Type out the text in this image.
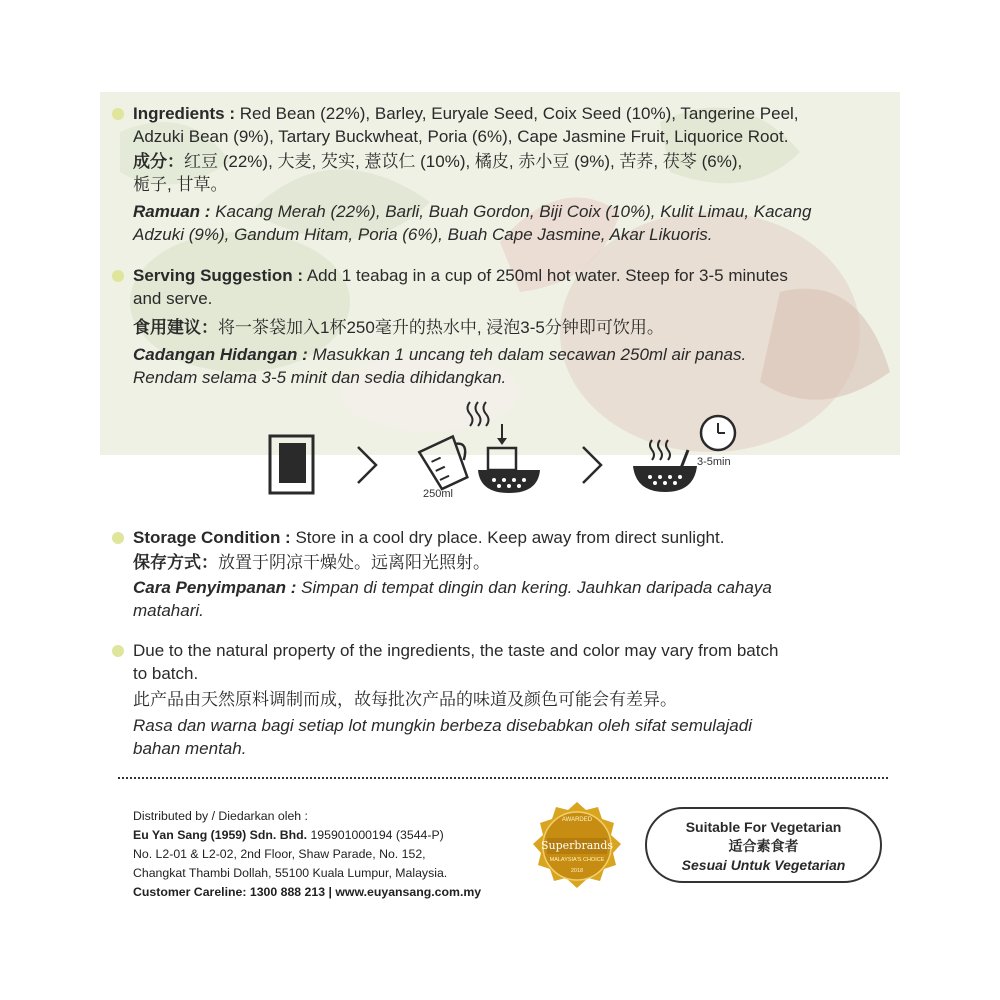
Ingredients : Red Bean (22%), Barley, Euryale Seed, Coix Seed (10%), Tangerine Peel,
Adzuki Bean (9%), Tartary Buckwheat, Poria (6%), Cape Jasmine Fruit, Liquorice Root.
成分：红豆 (22%), 大麦, 芡实, 薏苡仁 (10%), 橘皮, 赤小豆 (9%), 苦荞, 茯苓 (6%),
栀子, 甘草。
Ramuan : Kacang Merah (22%), Barli, Buah Gordon, Biji Coix (10%), Kulit Limau, Kacang
Adzuki (9%), Gandum Hitam, Poria (6%), Buah Cape Jasmine, Akar Likuoris.
Serving Suggestion : Add 1 teabag in a cup of 250ml hot water. Steep for 3-5 minutes
and serve.
食用建议：将一茶袋加入1杯250毫升的热水中, 浸泡3-5分钟即可饮用。
Cadangan Hidangan : Masukkan 1 uncang teh dalam secawan 250ml air panas.
Rendam selama 3-5 minit dan sedia dihidangkan.
250ml
3-5min
Storage Condition : Store in a cool dry place. Keep away from direct sunlight.
保存方式：放置于阴凉干燥处。远离阳光照射。
Cara Penyimpanan : Simpan di tempat dingin dan kering. Jauhkan daripada cahaya
matahari.
Due to the natural property of the ingredients, the taste and color may vary from batch
to batch.
此产品由天然原料调制而成，故每批次产品的味道及颜色可能会有差异。
Rasa dan warna bagi setiap lot mungkin berbeza disebabkan oleh sifat semulajadi
bahan mentah.
Distributed by / Diedarkan oleh :
Eu Yan Sang (1959) Sdn. Bhd. 195901000194 (3544-P)
No. L2-01 & L2-02, 2nd Floor, Shaw Parade, No. 152,
Changkat Thambi Dollah, 55100 Kuala Lumpur, Malaysia.
Customer Careline: 1300 888 213 | www.euyansang.com.my
AWARDED
Superbrands
MALAYSIA'S CHOICE
2018
Suitable For Vegetarian
适合素食者
Sesuai Untuk Vegetarian
